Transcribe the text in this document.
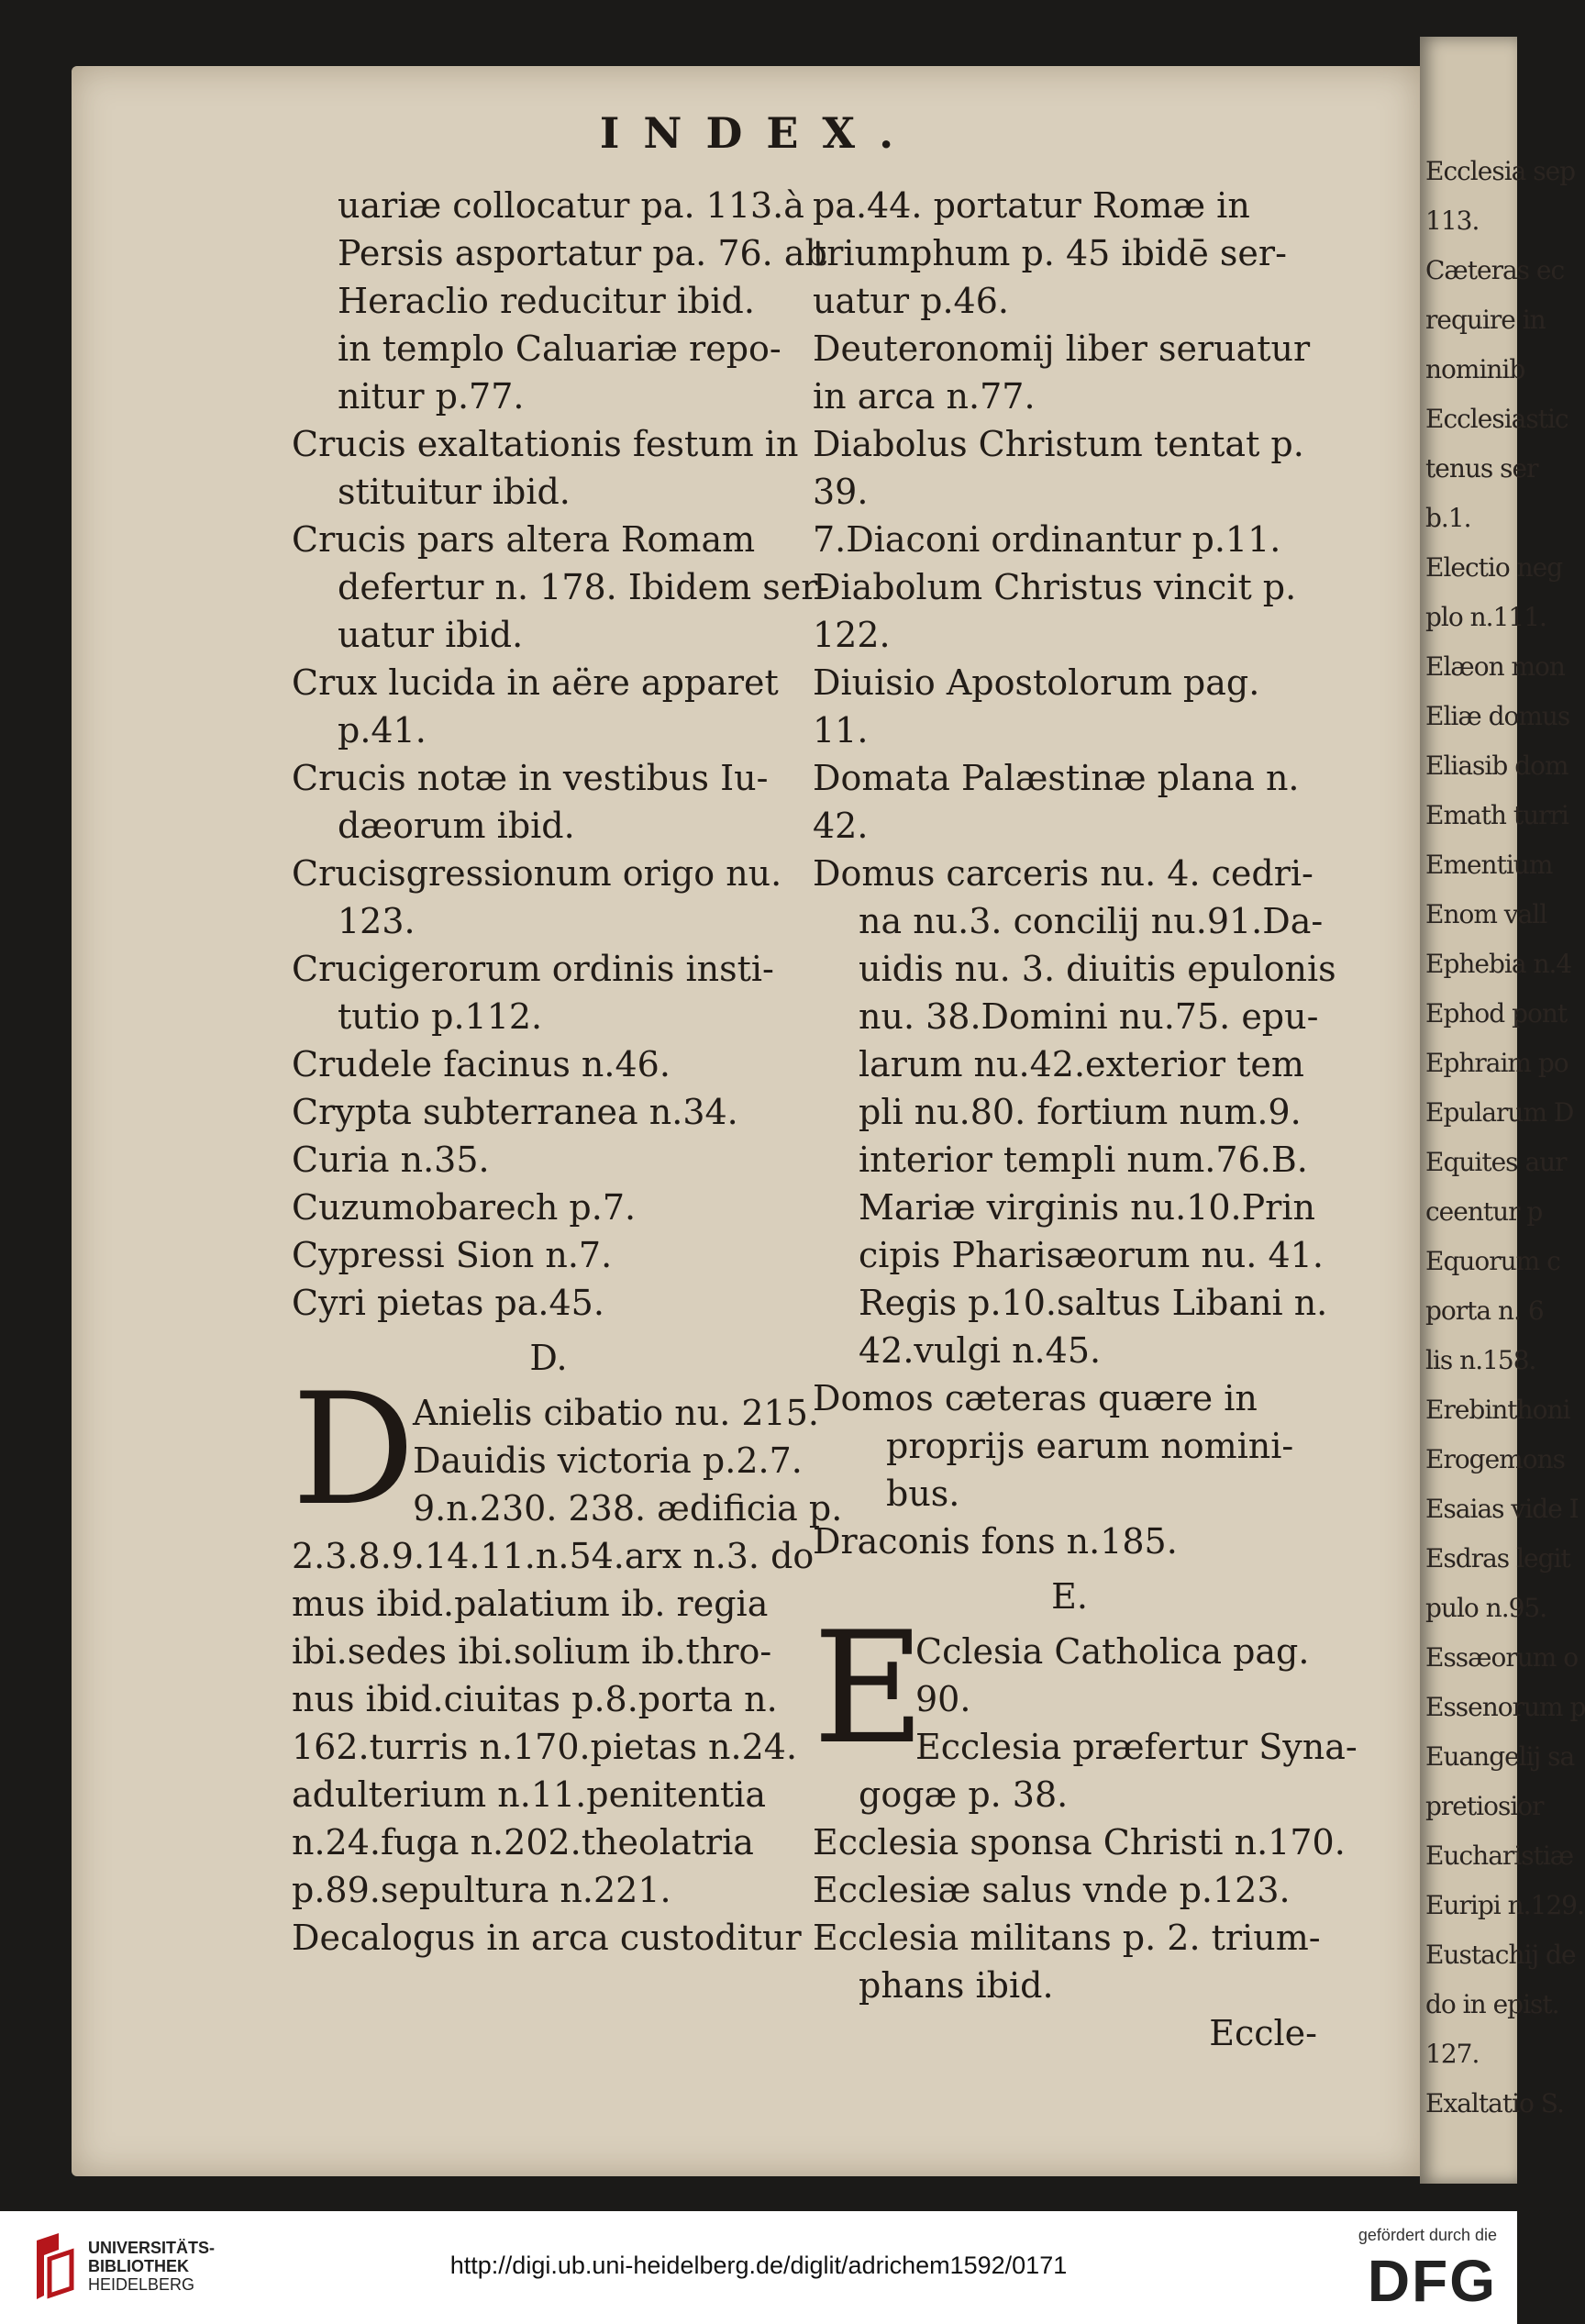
Ecclesia sep
113.
Cæteras ec
require in
nominib
Ecclesiastic
tenus ser
b.1.
Electio neg
plo n.111.
Elæon mon
Eliæ domus
Eliasib dom
Emath turri
Ementium
Enom vall
Ephebia n.4
Ephod pont
Ephraim po
Epularum D
Equites aur
ceentur p
Equorum c
porta n. 6
lis n.158.
Erebinthoni
Erogemons
Esaias vide I
Esdras legit
pulo n.95.
Essæorum o
Essenorum p
Euangelij sa
pretiosior
Eucharistiæ
Euripi n.129.
Eustachij de
do in epist.
127.
Exaltatio S.
INDEX.
uariæ collocatur pa. 113.à
Persis asportatur pa. 76. ab
Heraclio reducitur ibid.
in templo Caluariæ repo-
nitur p.77.
Crucis exaltationis festum in
stituitur ibid.
Crucis pars altera Romam
defertur n. 178. Ibidem ser-
uatur ibid.
Crux lucida in aëre apparet
p.41.
Crucis notæ in vestibus Iu-
dæorum ibid.
Crucisgressionum origo nu.
123.
Crucigerorum ordinis insti-
tutio p.112.
Crudele facinus n.46.
Crypta subterranea n.34.
Curia n.35.
Cuzumobarech p.7.
Cypressi Sion n.7.
Cyri pietas pa.45.
D.
D
Anielis cibatio nu. 215.
Dauidis victoria p.2.7.
9.n.230. 238. ædificia p.
2.3.8.9.14.11.n.54.arx n.3. do
mus ibid.palatium ib. regia
ibi.sedes ibi.solium ib.thro-
nus ibid.ciuitas p.8.porta n.
162.turris n.170.pietas n.24.
adulterium n.11.penitentia
n.24.fuga n.202.theolatria
p.89.sepultura n.221.
Decalogus in arca custoditur
pa.44. portatur Romæ in
triumphum p. 45 ibidē ser-
uatur p.46.
Deuteronomij liber seruatur
in arca n.77.
Diabolus Christum tentat p.
39.
7.Diaconi ordinantur p.11.
Diabolum Christus vincit p.
122.
Diuisio Apostolorum pag.
11.
Domata Palæstinæ plana n.
42.
Domus carceris nu. 4. cedri-
na nu.3. concilij nu.91.Da-
uidis nu. 3. diuitis epulonis
nu. 38.Domini nu.75. epu-
larum nu.42.exterior tem
pli nu.80. fortium num.9.
interior templi num.76.B.
Mariæ virginis nu.10.Prin
cipis Pharisæorum nu. 41.
Regis p.10.saltus Libani n.
42.vulgi n.45.
Domos cæteras quære in
proprijs earum nomini-
bus.
Draconis fons n.185.
E.
E
Cclesia Catholica pag.
90.
Ecclesia præfertur Syna-
gogæ p. 38.
Ecclesia sponsa Christi n.170.
Ecclesiæ salus vnde p.123.
Ecclesia militans p. 2. trium-
phans ibid.
Eccle-
UNIVERSITÄTS-
BIBLIOTHEK
HEIDELBERG
http://digi.ub.uni-heidelberg.de/diglit/adrichem1592/0171
gefördert durch die
DFG
